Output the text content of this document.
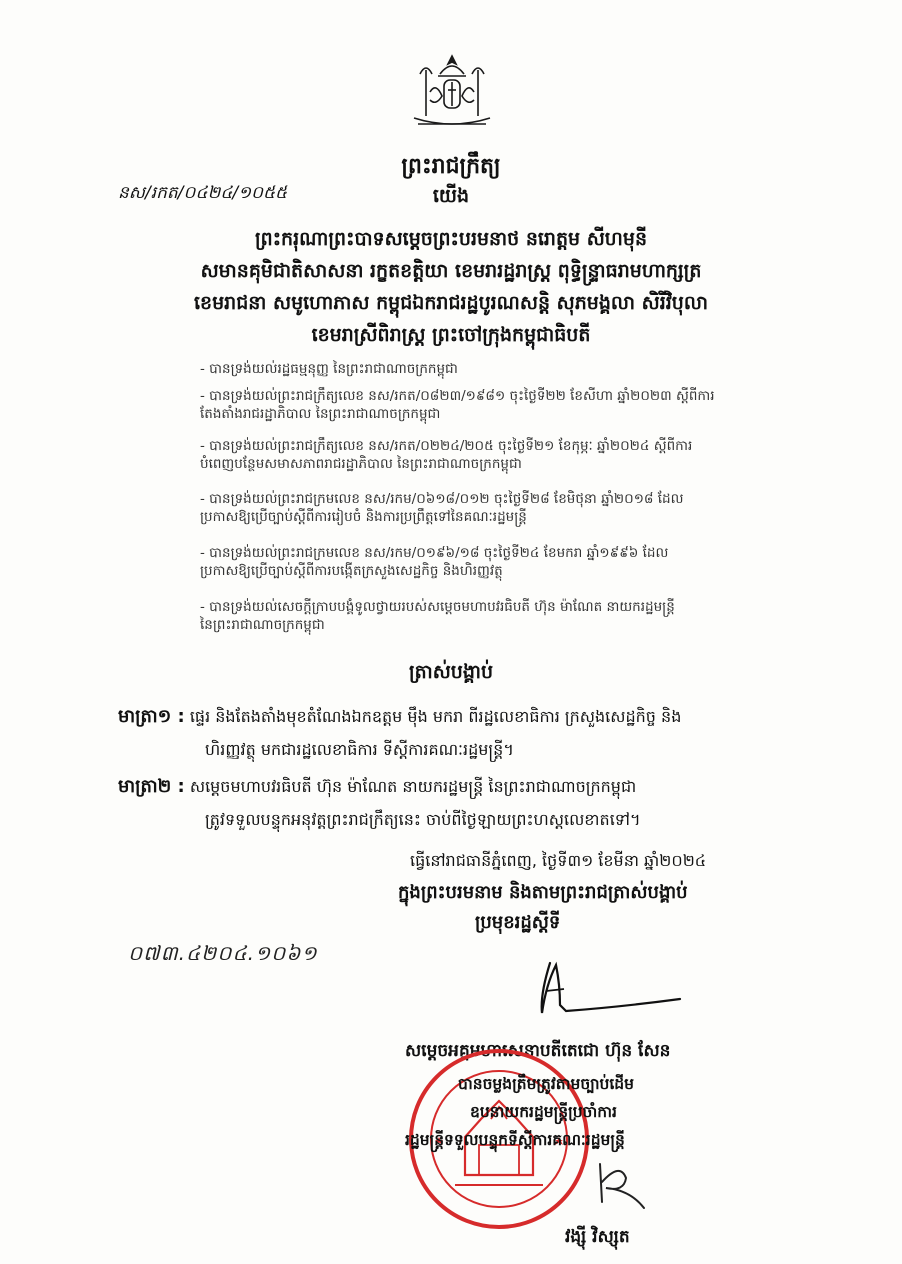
ព្រះរាជក្រឹត្យ
នស/រកត/០៤២៤/១០៥៥	យើង
ព្រះករុណាព្រះបាទសម្តេចព្រះបរមនាថ នរោត្តម សីហមុនី
សមានគុមិជាតិសាសនា រក្ខតខត្តិយា ខេមរារដ្ឋរាស្ត្រ ពុទ្ធិន្ទ្រាធរាមហាក្សត្រ
ខេមរាជនា សមូហោភាស កម្ពុជឯករាជរដ្ឋបូរណសន្តិ សុភមង្គលា សិរីវិបុលា
ខេមរាស្រីពិរាស្ត្រ ព្រះចៅក្រុងកម្ពុជាធិបតី
- បានទ្រង់យល់រដ្ឋធម្មនុញ្ញ នៃព្រះរាជាណាចក្រកម្ពុជា
- បានទ្រង់យល់ព្រះរាជក្រឹត្យលេខ នស/រកត/០៨២៣/១៩៨១ ចុះថ្ងៃទី២២ ខែសីហា ឆ្នាំ២០២៣ ស្តីពីការ
តែងតាំងរាជរដ្ឋាភិបាល នៃព្រះរាជាណាចក្រកម្ពុជា
- បានទ្រង់យល់ព្រះរាជក្រឹត្យលេខ នស/រកត/០២២៤/២០៥ ចុះថ្ងៃទី២១ ខែកុម្ភៈ ឆ្នាំ២០២៤ ស្តីពីការ
បំពេញបន្ថែមសមាសភាពរាជរដ្ឋាភិបាល នៃព្រះរាជាណាចក្រកម្ពុជា
- បានទ្រង់យល់ព្រះរាជក្រមលេខ នស/រកម/០៦១៨/០១២ ចុះថ្ងៃទី២៨ ខែមិថុនា ឆ្នាំ២០១៨ ដែល
ប្រកាសឱ្យប្រើច្បាប់ស្តីពីការរៀបចំ និងការប្រព្រឹត្តទៅនៃគណៈរដ្ឋមន្ត្រី
- បានទ្រង់យល់ព្រះរាជក្រមលេខ នស/រកម/០១៩៦/១៨ ចុះថ្ងៃទី២៤ ខែមករា ឆ្នាំ១៩៩៦ ដែល
ប្រកាសឱ្យប្រើច្បាប់ស្តីពីការបង្កើតក្រសួងសេដ្ឋកិច្ច និងហិរញ្ញវត្ថុ
- បានទ្រង់យល់សេចក្តីក្រាបបង្គំទូលថ្វាយរបស់សម្តេចមហាបវរធិបតី ហ៊ុន ម៉ាណែត នាយករដ្ឋមន្ត្រី
នៃព្រះរាជាណាចក្រកម្ពុជា
ត្រាស់បង្គាប់
មាត្រា១ : ផ្ទេរ និងតែងតាំងមុខតំណែងឯកឧត្តម ម៉ឹង មករា ពីរដ្ឋលេខាធិការ ក្រសួងសេដ្ឋកិច្ច និង
ហិរញ្ញវត្ថុ មកជារដ្ឋលេខាធិការ ទីស្តីការគណៈរដ្ឋមន្ត្រី។
មាត្រា២ : សម្តេចមហាបវរធិបតី ហ៊ុន ម៉ាណែត នាយករដ្ឋមន្ត្រី នៃព្រះរាជាណាចក្រកម្ពុជា
ត្រូវទទួលបន្ទុកអនុវត្តព្រះរាជក្រឹត្យនេះ ចាប់ពីថ្ងៃឡាយព្រះហស្តលេខាតទៅ។
ធ្វើនៅរាជធានីភ្នំពេញ, ថ្ងៃទី៣១ ខែមីនា ឆ្នាំ២០២៤
ក្នុងព្រះបរមនាម និងតាមព្រះរាជត្រាស់បង្គាប់
ប្រមុខរដ្ឋស្តីទី
០៧៣.៤២០៤.១០៦១
សម្តេចអគ្គមហាសេនាបតីតេជោ ហ៊ុន សែន
បានចម្លងត្រឹមត្រូវតាមច្បាប់ដើម
ឧបនាយករដ្ឋមន្ត្រីប្រចាំការ
រដ្ឋមន្ត្រីទទួលបន្ទុកទីស្តីការគណៈរដ្ឋមន្ត្រី
វង្ស៊ី វិស្សុត
